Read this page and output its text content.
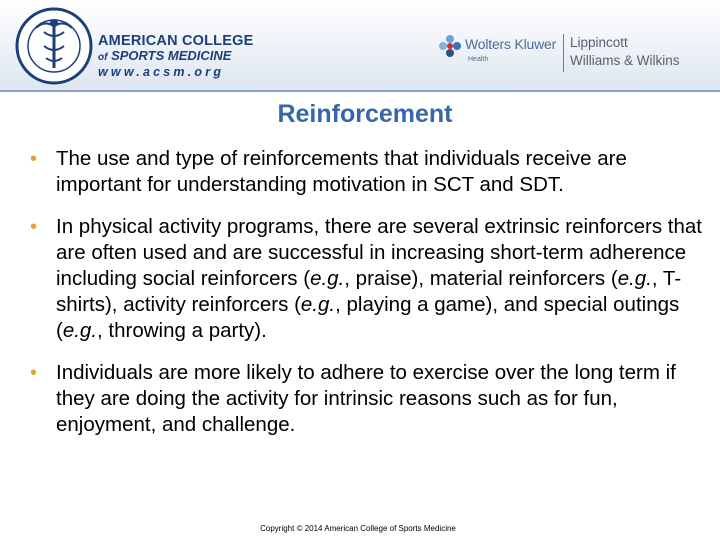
AMERICAN COLLEGE
of SPORTS MEDICINE
www.acsm.org
Wolters Kluwer
Health
Lippincott
Williams & Wilkins
Reinforcement
• The use and type of reinforcements that individuals receive are important for understanding motivation in SCT and SDT.
• In physical activity programs, there are several extrinsic reinforcers that are often used and are successful in increasing short-term adherence including social reinforcers (e.g., praise), material reinforcers (e.g., T-shirts), activity reinforcers (e.g., playing a game), and special outings (e.g., throwing a party).
• Individuals are more likely to adhere to exercise over the long term if they are doing the activity for intrinsic reasons such as for fun, enjoyment, and challenge.
Copyright © 2014 American College of Sports Medicine
